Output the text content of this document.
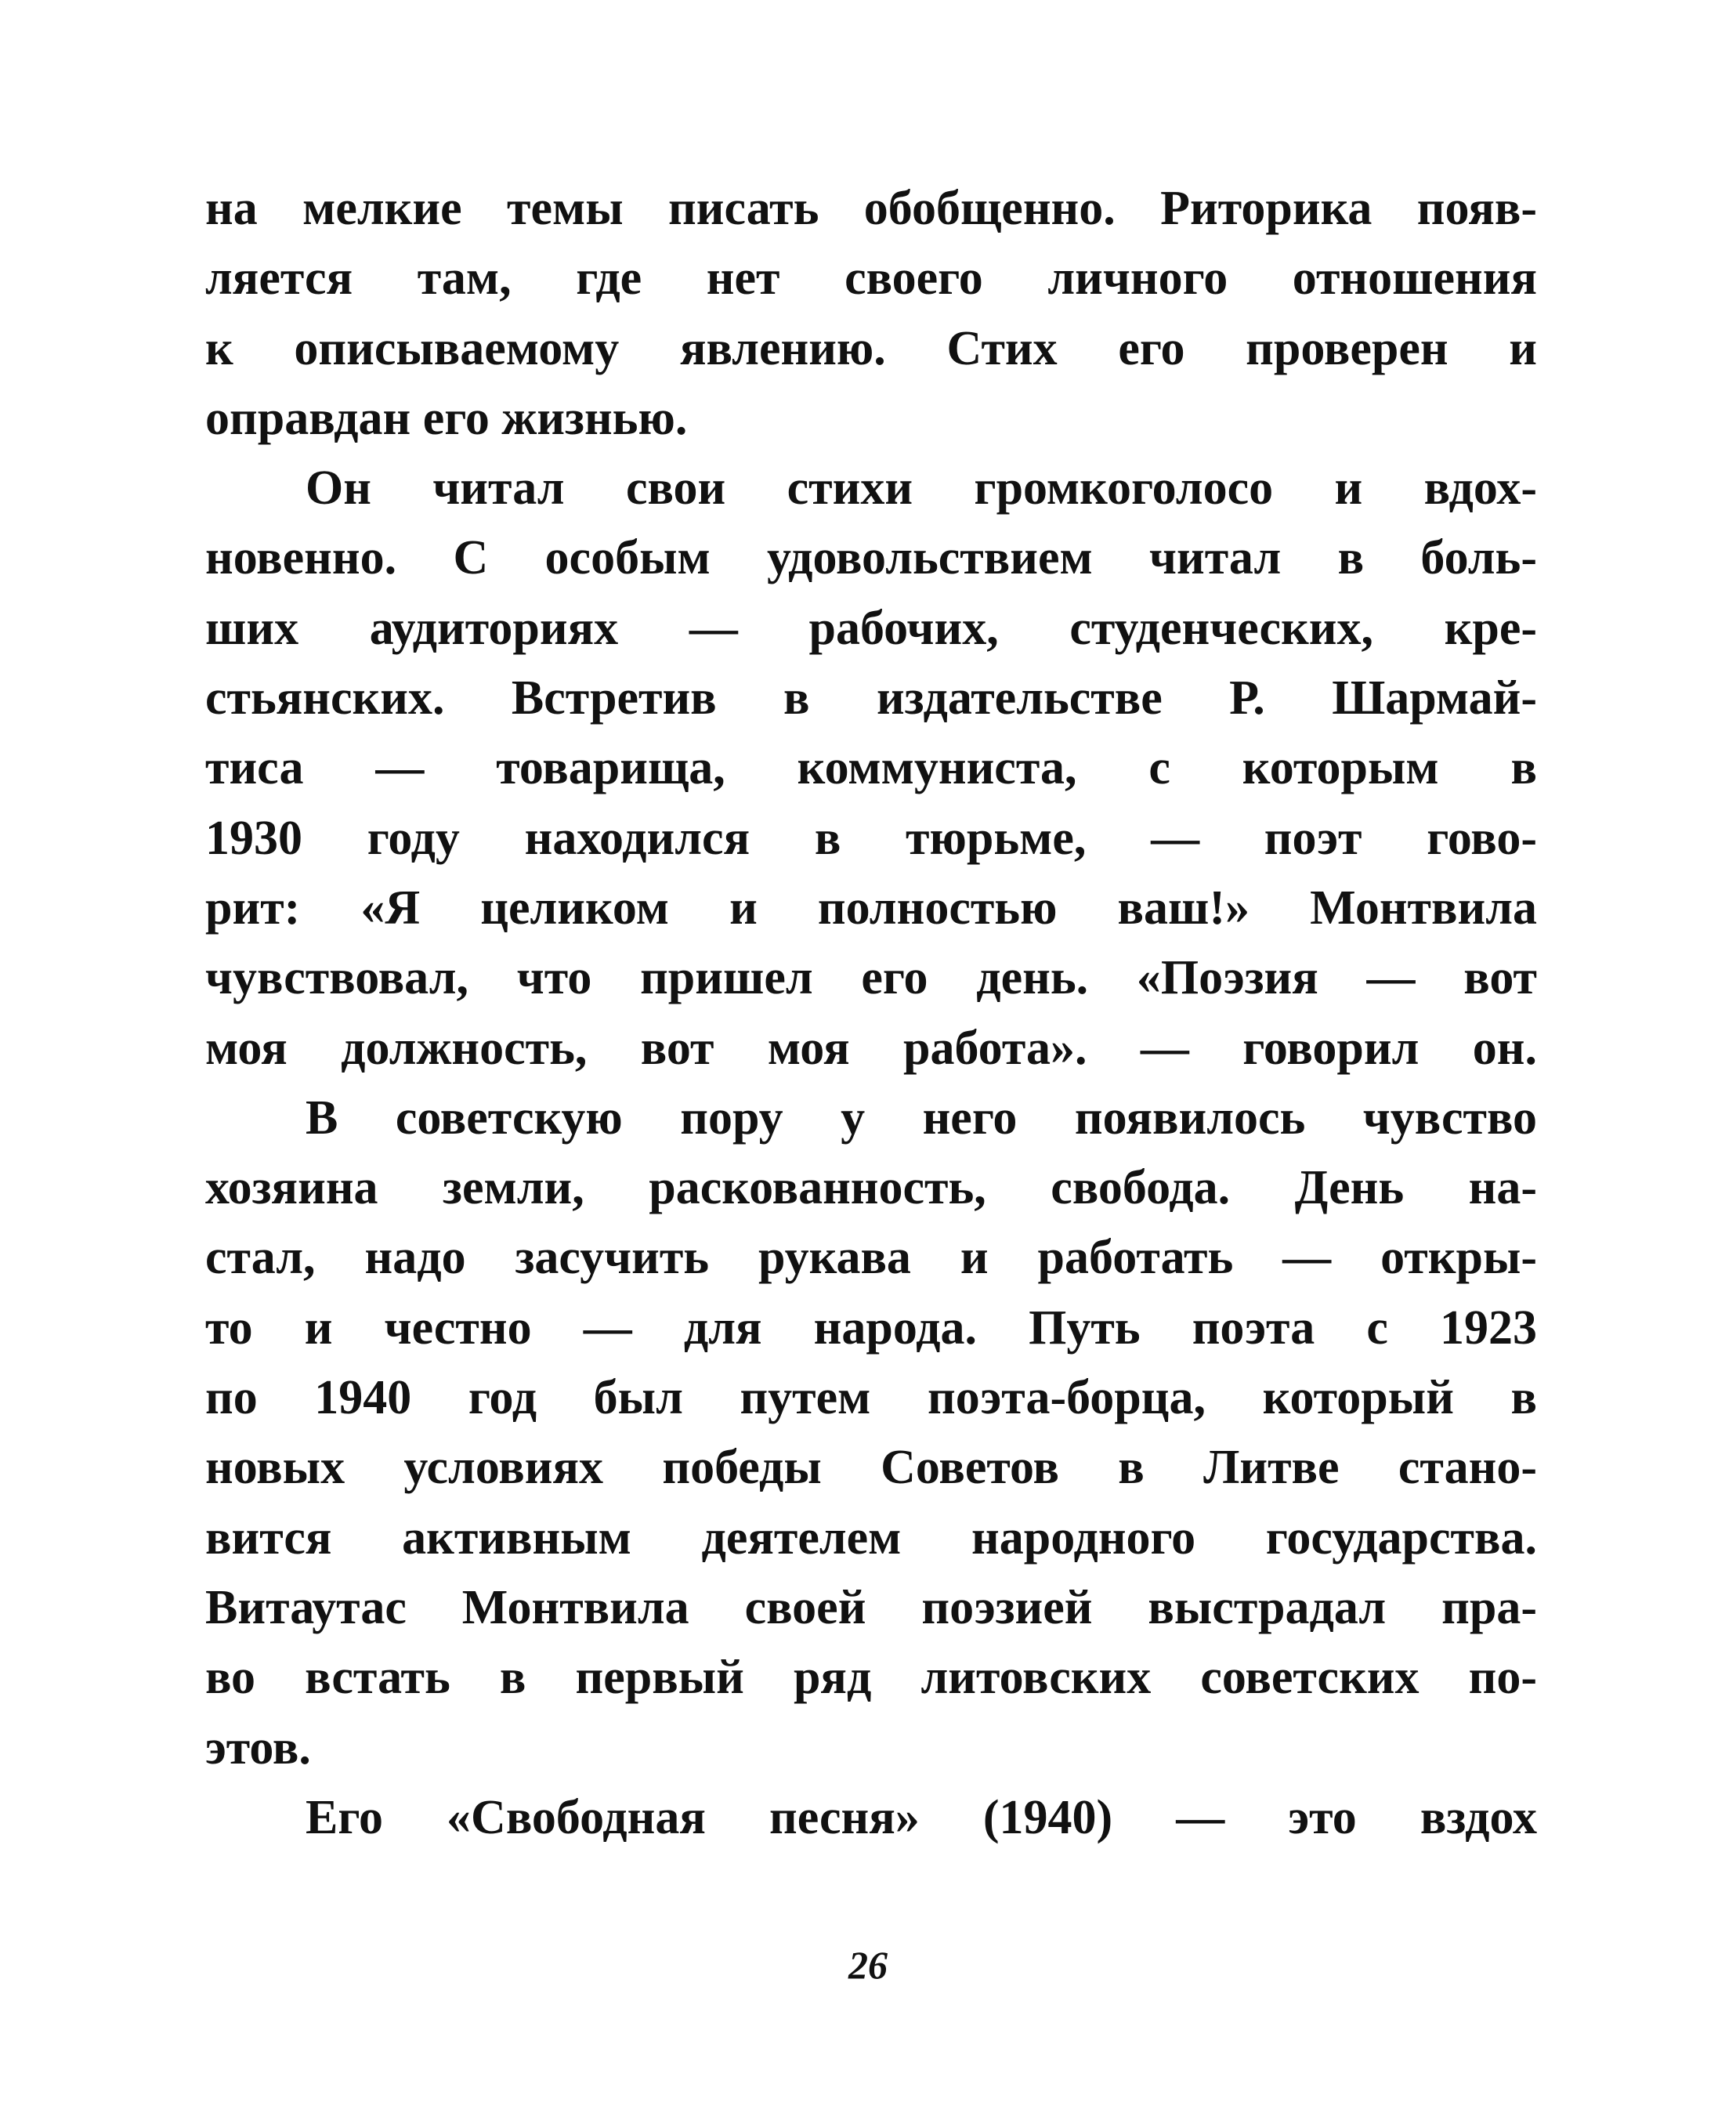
на мелкие темы писать обобщенно. Риторика появ-
ляется там, где нет своего личного отношения
к описываемому явлению. Стих его проверен и
оправдан его жизнью.
Он читал свои стихи громкоголосо и вдох-
новенно. С особым удовольствием читал в боль-
ших аудиториях — рабочих, студенческих, кре-
стьянских. Встретив в издательстве Р. Шармай-
тиса — товарища, коммуниста, с которым в
1930 году находился в тюрьме, — поэт гово-
рит: «Я целиком и полностью ваш!» Монтвила
чувствовал, что пришел его день. «Поэзия — вот
моя должность, вот моя работа». — говорил он.
В советскую пору у него появилось чувство
хозяина земли, раскованность, свобода. День на-
стал, надо засучить рукава и работать — откры-
то и честно — для народа. Путь поэта с 1923
по 1940 год был путем поэта-борца, который в
новых условиях победы Советов в Литве стано-
вится активным деятелем народного государства.
Витаутас Монтвила своей поэзией выстрадал пра-
во встать в первый ряд литовских советских по-
этов.
Его «Свободная песня» (1940) — это вздох
26
